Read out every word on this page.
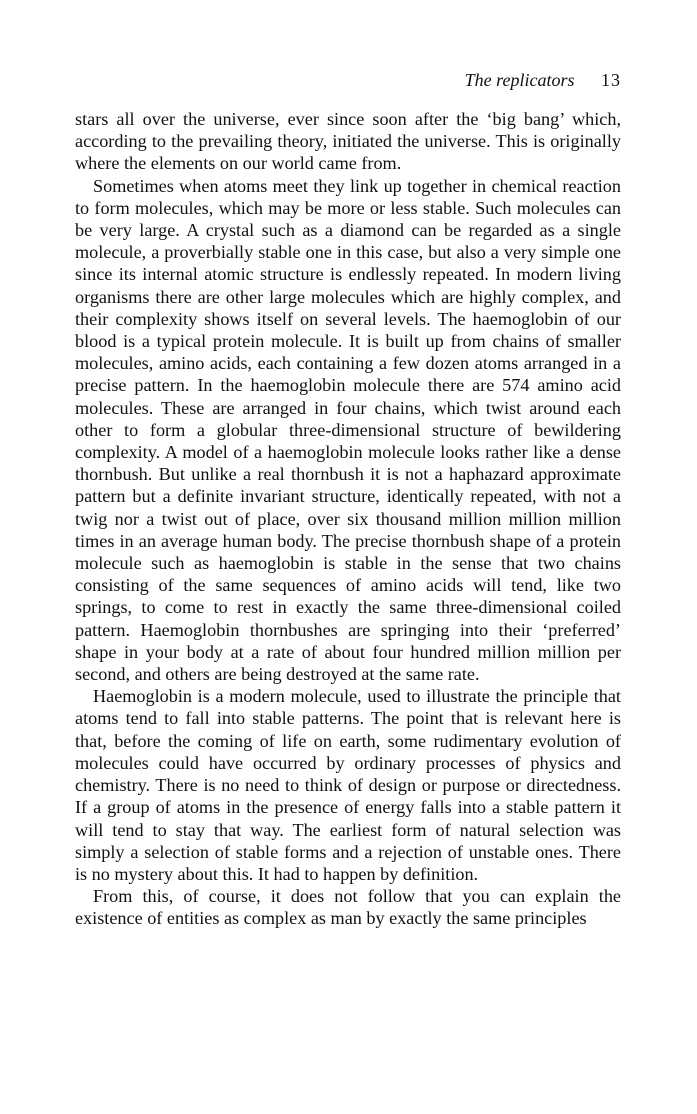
The replicators 13

stars all over the universe, ever since soon after the ‘big bang’ which, according to the prevailing theory, initiated the universe. This is originally where the elements on our world came from.

Sometimes when atoms meet they link up together in chemical reaction to form molecules, which may be more or less stable. Such molecules can be very large. A crystal such as a diamond can be regarded as a single molecule, a proverbially stable one in this case, but also a very simple one since its internal atomic structure is endlessly repeated. In modern living organisms there are other large molecules which are highly complex, and their complexity shows itself on several levels. The haemoglobin of our blood is a typical protein molecule. It is built up from chains of smaller molecules, amino acids, each containing a few dozen atoms arranged in a precise pattern. In the haemoglobin molecule there are 574 amino acid molecules. These are arranged in four chains, which twist around each other to form a globular three-dimensional structure of bewildering complexity. A model of a haemoglobin molecule looks rather like a dense thornbush. But unlike a real thornbush it is not a haphazard approximate pattern but a definite invariant structure, identically repeated, with not a twig nor a twist out of place, over six thousand million million million times in an average human body. The precise thornbush shape of a protein molecule such as haemoglobin is stable in the sense that two chains consisting of the same sequences of amino acids will tend, like two springs, to come to rest in exactly the same three-dimensional coiled pattern. Haemoglobin thornbushes are springing into their ‘preferred’ shape in your body at a rate of about four hundred million million per second, and others are being destroyed at the same rate.

Haemoglobin is a modern molecule, used to illustrate the principle that atoms tend to fall into stable patterns. The point that is relevant here is that, before the coming of life on earth, some rudimentary evolution of molecules could have occurred by ordinary processes of physics and chemistry. There is no need to think of design or purpose or directedness. If a group of atoms in the presence of energy falls into a stable pattern it will tend to stay that way. The earliest form of natural selection was simply a selection of stable forms and a rejection of unstable ones. There is no mystery about this. It had to happen by definition.

From this, of course, it does not follow that you can explain the existence of entities as complex as man by exactly the same principles
